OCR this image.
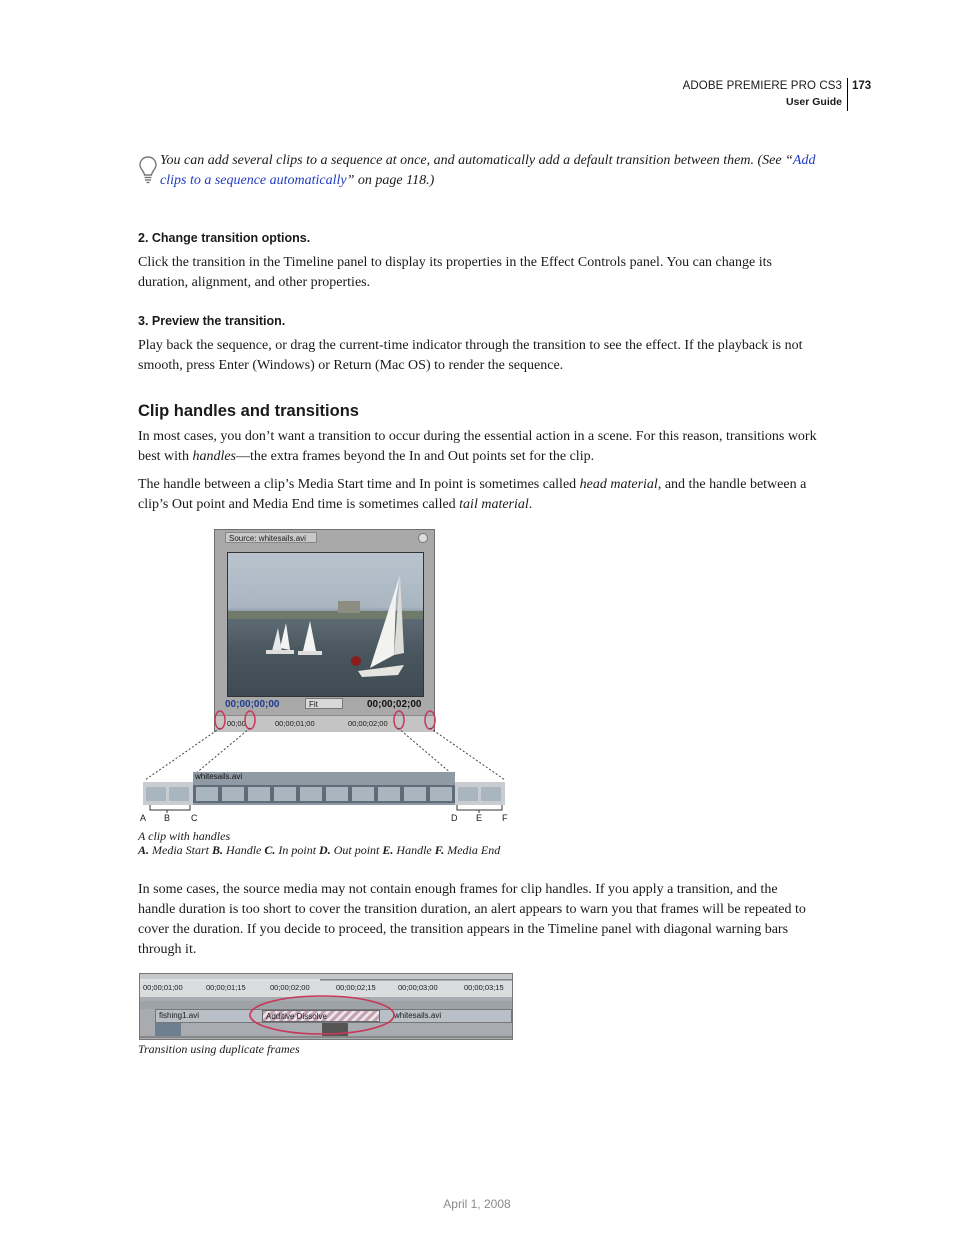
ADOBE PREMIERE PRO CS3
User Guide
173
You can add several clips to a sequence at once, and automatically add a default transition between them. (See “Add clips to a sequence automatically” on page 118.)
2. Change transition options.
Click the transition in the Timeline panel to display its properties in the Effect Controls panel. You can change its duration, alignment, and other properties.
3. Preview the transition.
Play back the sequence, or drag the current-time indicator through the transition to see the effect. If the playback is not smooth, press Enter (Windows) or Return (Mac OS) to render the sequence.
Clip handles and transitions
In most cases, you don’t want a transition to occur during the essential action in a scene. For this reason, transitions work best with handles—the extra frames beyond the In and Out points set for the clip.
The handle between a clip’s Media Start time and In point is sometimes called head material, and the handle between a clip’s Out point and Media End time is sometimes called tail material.
Source: whitesails.avi
00;00;00;00	Fit	00;00;02;00
00;00	00;00;01;00	00;00;02;00
whitesails.avi
A B C	D E F
A clip with handles
A. Media Start B. Handle C. In point D. Out point E. Handle F. Media End
In some cases, the source media may not contain enough frames for clip handles. If you apply a transition, and the handle duration is too short to cover the transition duration, an alert appears to warn you that frames will be repeated to cover the duration. If you decide to proceed, the transition appears in the Timeline panel with diagonal warning bars through it.
00;00;01;00	00;00;01;15	00;00;02;00	00;00;02;15	00;00;03;00	00;00;03;15
fishing1.avi	whitesails.avi
Additive Dissolve
Transition using duplicate frames
April 1, 2008
